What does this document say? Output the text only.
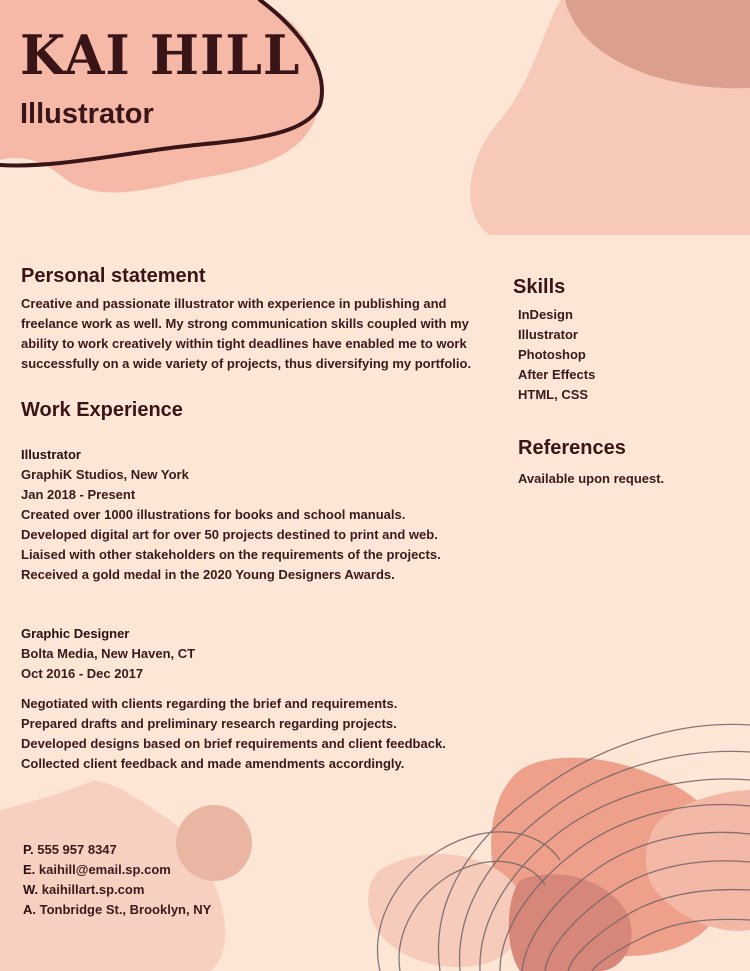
KAI HILL
Illustrator
Personal statement
Creative and passionate illustrator with experience in publishing and
freelance work as well. My strong communication skills coupled with my
ability to work creatively within tight deadlines have enabled me to work
successfully on a wide variety of projects, thus diversifying my portfolio.
Work Experience
Illustrator
GraphiK Studios, New York
Jan 2018 - Present
Created over 1000 illustrations for books and school manuals.
Developed digital art for over 50 projects destined to print and web.
Liaised with other stakeholders on the requirements of the projects.
Received a gold medal in the 2020 Young Designers Awards.
Graphic Designer
Bolta Media, New Haven, CT
Oct 2016 - Dec 2017
Negotiated with clients regarding the brief and requirements.
Prepared drafts and preliminary research regarding projects.
Developed designs based on brief requirements and client feedback.
Collected client feedback and made amendments accordingly.
Skills
InDesign
Illustrator
Photoshop
After Effects
HTML, CSS
References
Available upon request.
P. 555 957 8347
E. kaihill@email.sp.com
W. kaihillart.sp.com
A. Tonbridge St., Brooklyn, NY
